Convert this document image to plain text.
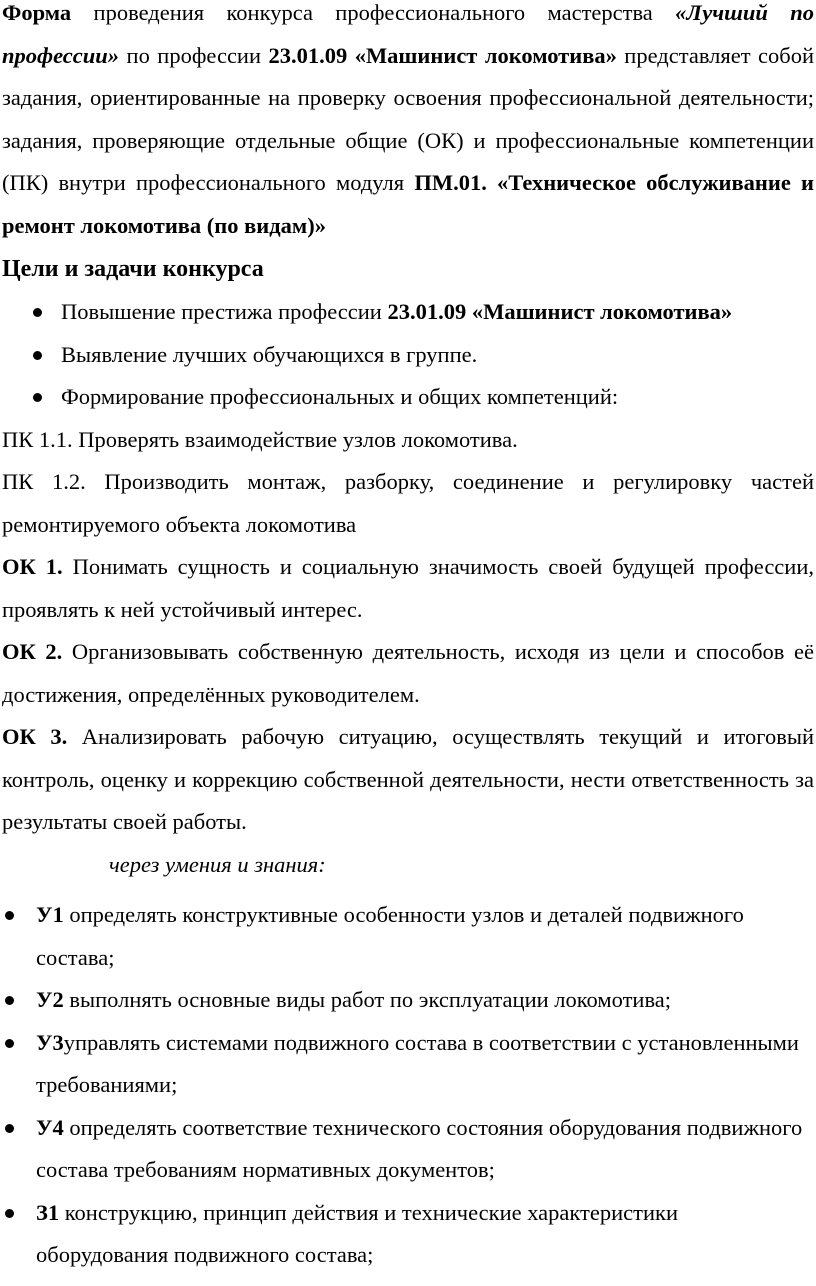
Форма проведения конкурса профессионального мастерства «Лучший по профессии» по профессии 23.01.09 «Машинист локомотива» представляет собой задания, ориентированные на проверку освоения профессиональной деятельности; задания, проверяющие отдельные общие (ОК) и профессиональные компетенции (ПК) внутри профессионального модуля ПМ.01. «Техническое обслуживание и ремонт локомотива (по видам)»

Цели и задачи конкурса
Повышение престижа профессии 23.01.09 «Машинист локомотива»
Выявление лучших обучающихся в группе.
Формирование профессиональных и общих компетенций:

ПК 1.1. Проверять взаимодействие узлов локомотива.

ПК 1.2. Производить монтаж, разборку, соединение и регулировку частей ремонтируемого объекта локомотива

ОК 1. Понимать сущность и социальную значимость своей будущей профессии, проявлять к ней устойчивый интерес.

ОК 2. Организовывать собственную деятельность, исходя из цели и способов её достижения, определённых руководителем.

ОК 3. Анализировать рабочую ситуацию, осуществлять текущий и итоговый контроль, оценку и коррекцию собственной деятельности, нести ответственность за результаты своей работы.

через умения и знания:

У1 определять конструктивные особенности узлов и деталей подвижного состава;
У2 выполнять основные виды работ по эксплуатации локомотива;
У3управлять системами подвижного состава в соответствии с установленными требованиями;
У4 определять соответствие технического состояния оборудования подвижного состава требованиям нормативных документов;
З1 конструкцию, принцип действия и технические характеристики оборудования подвижного состава;
